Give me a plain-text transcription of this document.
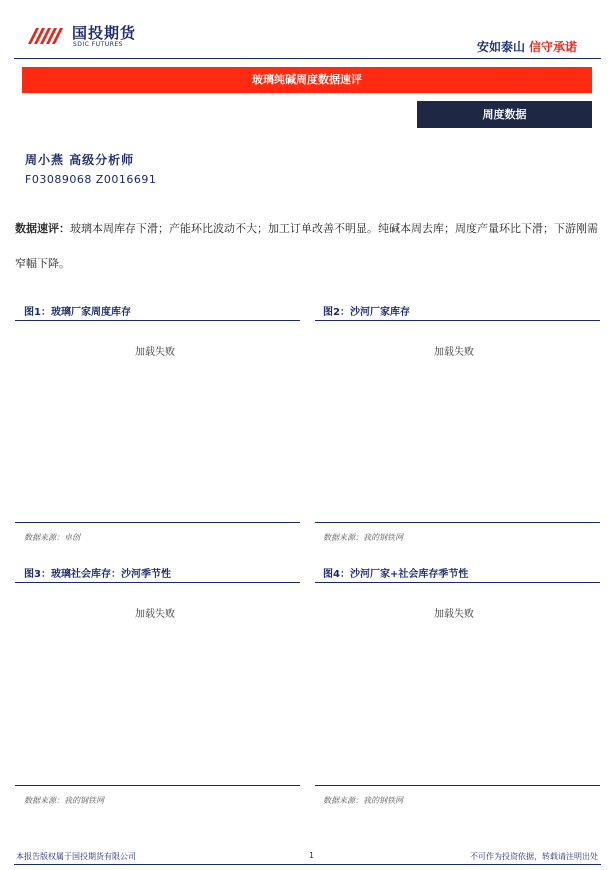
国投期货
SDIC FUTURES	安如泰山 信守承诺
玻璃纯碱周度数据速评
周度数据
周小燕 高级分析师
F03089068 Z0016691
数据速评：玻璃本周库存下滑；产能环比波动不大；加工订单改善不明显。纯碱本周去库；周度产量环比下滑；下游刚需窄幅下降。
图1：玻璃厂家周度库存
加载失败
数据来源：卓创
图2：沙河厂家库存
加载失败
数据来源：我的钢铁网
图3：玻璃社会库存：沙河季节性
加载失败
数据来源：我的钢铁网
图4：沙河厂家+社会库存季节性
加载失败
数据来源：我的钢铁网
本报告版权属于国投期货有限公司	1	不可作为投资依据，转载请注明出处
